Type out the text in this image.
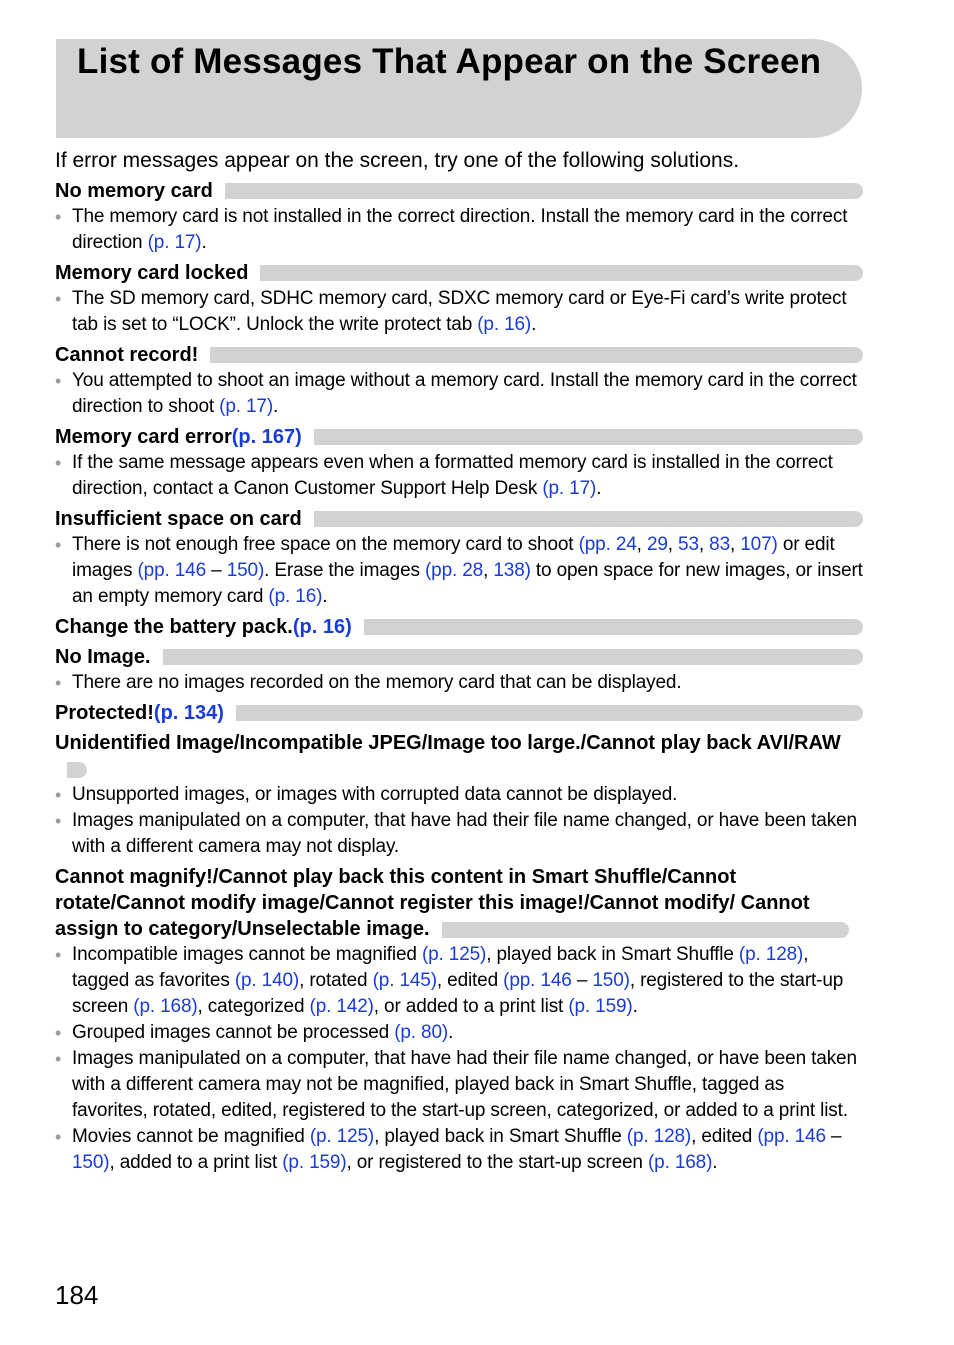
List of Messages That Appear on the Screen
If error messages appear on the screen, try one of the following solutions.
No memory card
• The memory card is not installed in the correct direction. Install the memory card in the correct direction (p. 17).
Memory card locked
• The SD memory card, SDHC memory card, SDXC memory card or Eye-Fi card’s write protect tab is set to “LOCK”. Unlock the write protect tab (p. 16).
Cannot record!
• You attempted to shoot an image without a memory card. Install the memory card in the correct direction to shoot (p. 17).
Memory card error (p. 167)
• If the same message appears even when a formatted memory card is installed in the correct direction, contact a Canon Customer Support Help Desk (p. 17).
Insufficient space on card
• There is not enough free space on the memory card to shoot (pp. 24, 29, 53, 83, 107) or edit images (pp. 146 – 150). Erase the images (pp. 28, 138) to open space for new images, or insert an empty memory card (p. 16).
Change the battery pack. (p. 16)
No Image.
• There are no images recorded on the memory card that can be displayed.
Protected! (p. 134)
Unidentified Image/Incompatible JPEG/Image too large./Cannot play back AVI/RAW
• Unsupported images, or images with corrupted data cannot be displayed.
• Images manipulated on a computer, that have had their file name changed, or have been taken with a different camera may not display.
Cannot magnify!/Cannot play back this content in Smart Shuffle/Cannot rotate/Cannot modify image/Cannot register this image!/Cannot modify/ Cannot assign to category/Unselectable image.
• Incompatible images cannot be magnified (p. 125), played back in Smart Shuffle (p. 128), tagged as favorites (p. 140), rotated (p. 145), edited (pp. 146 – 150), registered to the start-up screen (p. 168), categorized (p. 142), or added to a print list (p. 159).
• Grouped images cannot be processed (p. 80).
• Images manipulated on a computer, that have had their file name changed, or have been taken with a different camera may not be magnified, played back in Smart Shuffle, tagged as favorites, rotated, edited, registered to the start-up screen, categorized, or added to a print list.
• Movies cannot be magnified (p. 125), played back in Smart Shuffle (p. 128), edited (pp. 146 – 150), added to a print list (p. 159), or registered to the start-up screen (p. 168).
184
